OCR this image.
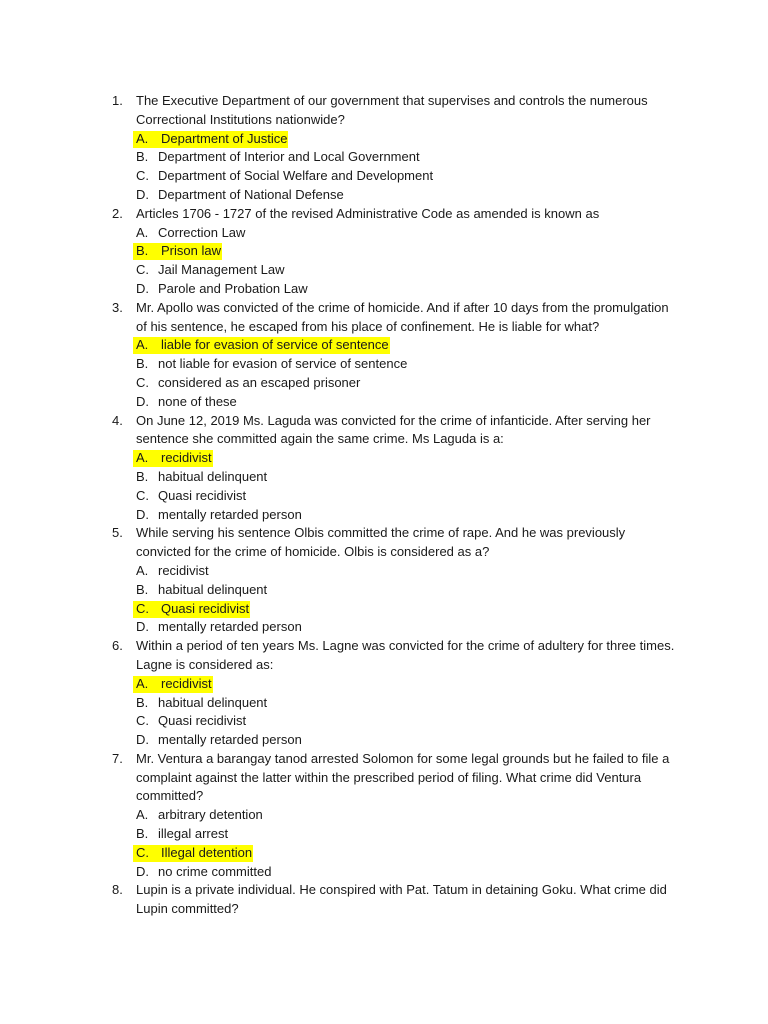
1.	The Executive Department of our government that supervises and controls the numerous Correctional Institutions nationwide?
A. Department of Justice
B. Department of Interior and Local Government
C. Department of Social Welfare and Development
D. Department of National Defense
2.	Articles 1706 - 1727 of the revised Administrative Code as amended is known as
A. Correction Law
B. Prison law
C. Jail Management Law
D. Parole and Probation Law
3.	Mr. Apollo was convicted of the crime of homicide. And if after 10 days from the promulgation of his sentence, he escaped from his place of confinement. He is liable for what?
A. liable for evasion of service of sentence
B. not liable for evasion of service of sentence
C. considered as an escaped prisoner
D. none of these
4.	On June 12, 2019 Ms. Laguda was convicted for the crime of infanticide. After serving her sentence she committed again the same crime. Ms Laguda is a:
A. recidivist
B. habitual delinquent
C. Quasi recidivist
D. mentally retarded person
5.	While serving his sentence Olbis committed the crime of rape. And he was previously convicted for the crime of homicide. Olbis is considered as a?
A. recidivist
B. habitual delinquent
C. Quasi recidivist
D. mentally retarded person
6.	Within a period of ten years Ms. Lagne was convicted for the crime of adultery for three times. Lagne is considered as:
A. recidivist
B. habitual delinquent
C. Quasi recidivist
D. mentally retarded person
7.	Mr. Ventura a barangay tanod arrested Solomon for some legal grounds but he failed to file a complaint against the latter within the prescribed period of filing. What crime did Ventura committed?
A. arbitrary detention
B. illegal arrest
C. Illegal detention
D. no crime committed
8.	Lupin is a private individual. He conspired with Pat. Tatum in detaining Goku. What crime did Lupin committed?
